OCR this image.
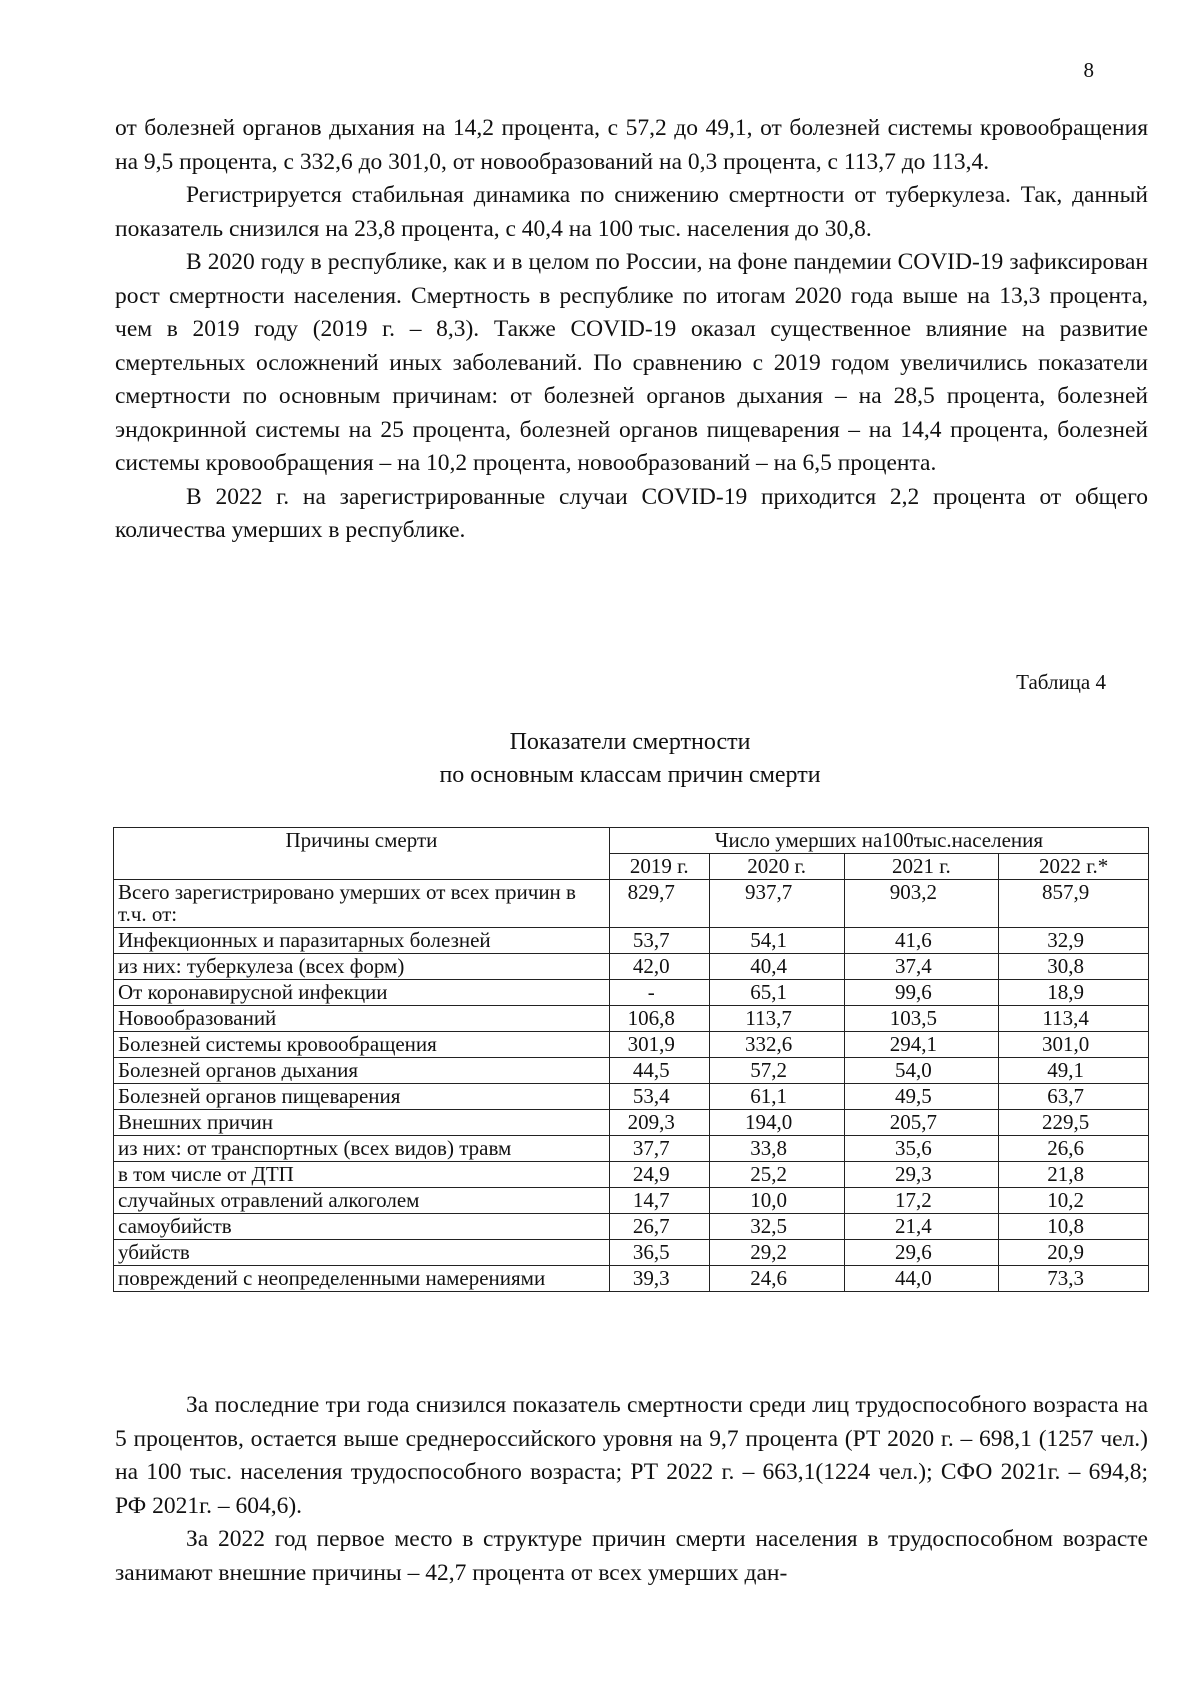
8

от болезней органов дыхания на 14,2 процента, с 57,2 до 49,1, от болезней системы кровообращения на 9,5 процента, с 332,6 до 301,0, от новообразований на 0,3 процента, с 113,7 до 113,4.

Регистрируется стабильная динамика по снижению смертности от туберкулеза. Так, данный показатель снизился на 23,8 процента, с 40,4 на 100 тыс. населения до 30,8.

В 2020 году в республике, как и в целом по России, на фоне пандемии COVID-19 зафиксирован рост смертности населения. Смертность в республике по итогам 2020 года выше на 13,3 процента, чем в 2019 году (2019 г. – 8,3). Также COVID-19 оказал существенное влияние на развитие смертельных осложнений иных заболеваний. По сравнению с 2019 годом увеличились показатели смертности по основным причинам: от болезней органов дыхания – на 28,5 процента, болезней эндокринной системы на 25 процента, болезней органов пищеварения – на 14,4 процента, болезней системы кровообращения – на 10,2 процента, новообразований – на 6,5 процента.

В 2022 г. на зарегистрированные случаи COVID-19 приходится 2,2 процента от общего количества умерших в республике.

Таблица 4
Показатели смертности
по основным классам причин смерти
Причины смерти	Число умерших на100тыс.населения			
	2019 г.	2020 г.	2021 г.	2022 г.*
Всего зарегистрировано умерших от всех причин в т.ч. от:	829,7	937,7	903,2	857,9
Инфекционных и паразитарных болезней	53,7	54,1	41,6	32,9
из них: туберкулеза (всех форм)	42,0	40,4	37,4	30,8
От коронавирусной инфекции	-	65,1	99,6	18,9
Новообразований	106,8	113,7	103,5	113,4
Болезней системы кровообращения	301,9	332,6	294,1	301,0
Болезней органов дыхания	44,5	57,2	54,0	49,1
Болезней органов пищеварения	53,4	61,1	49,5	63,7
Внешних причин	209,3	194,0	205,7	229,5
из них: от транспортных (всех видов) травм	37,7	33,8	35,6	26,6
в том числе от ДТП	24,9	25,2	29,3	21,8
случайных отравлений алкоголем	14,7	10,0	17,2	10,2
самоубийств	26,7	32,5	21,4	10,8
убийств	36,5	29,2	29,6	20,9
повреждений с неопределенными намерениями	39,3	24,6	44,0	73,3

За последние три года снизился показатель смертности среди лиц трудоспособного возраста на 5 процентов, остается выше среднероссийского уровня на 9,7 процента (РТ 2020 г. – 698,1 (1257 чел.) на 100 тыс. населения трудоспособного возраста; РТ 2022 г. – 663,1(1224 чел.); СФО 2021г. – 694,8; РФ 2021г. – 604,6).

За 2022 год первое место в структуре причин смерти населения в трудоспособном возрасте занимают внешние причины – 42,7 процента от всех умерших дан-
